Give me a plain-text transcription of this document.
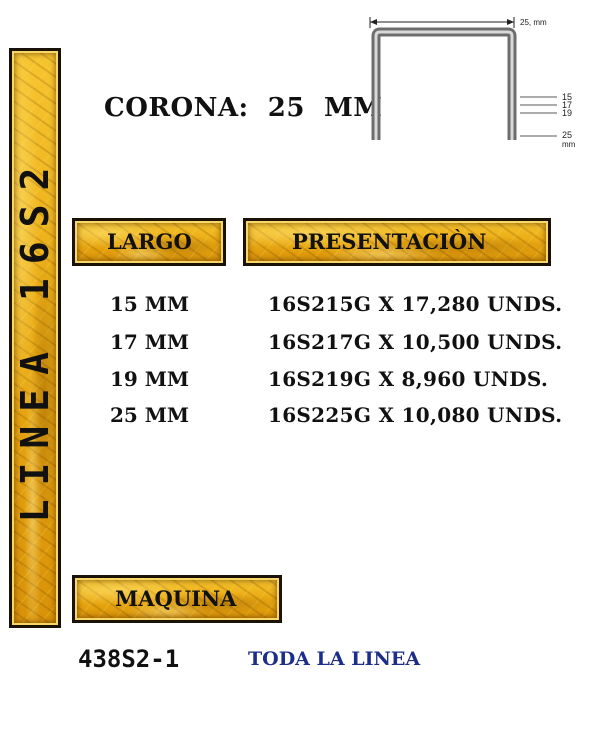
LINEA 16S2
CORONA:  25  MM
25, mm
15
17
19
25
mm
LARGO	PRESENTACIÒN
15 MM	16S215G X 17,280 UNDS.
17 MM	16S217G X 10,500 UNDS.
19 MM	16S219G X 8,960 UNDS.
25 MM	16S225G X 10,080 UNDS.
MAQUINA
438S2-1	TODA LA LINEA
